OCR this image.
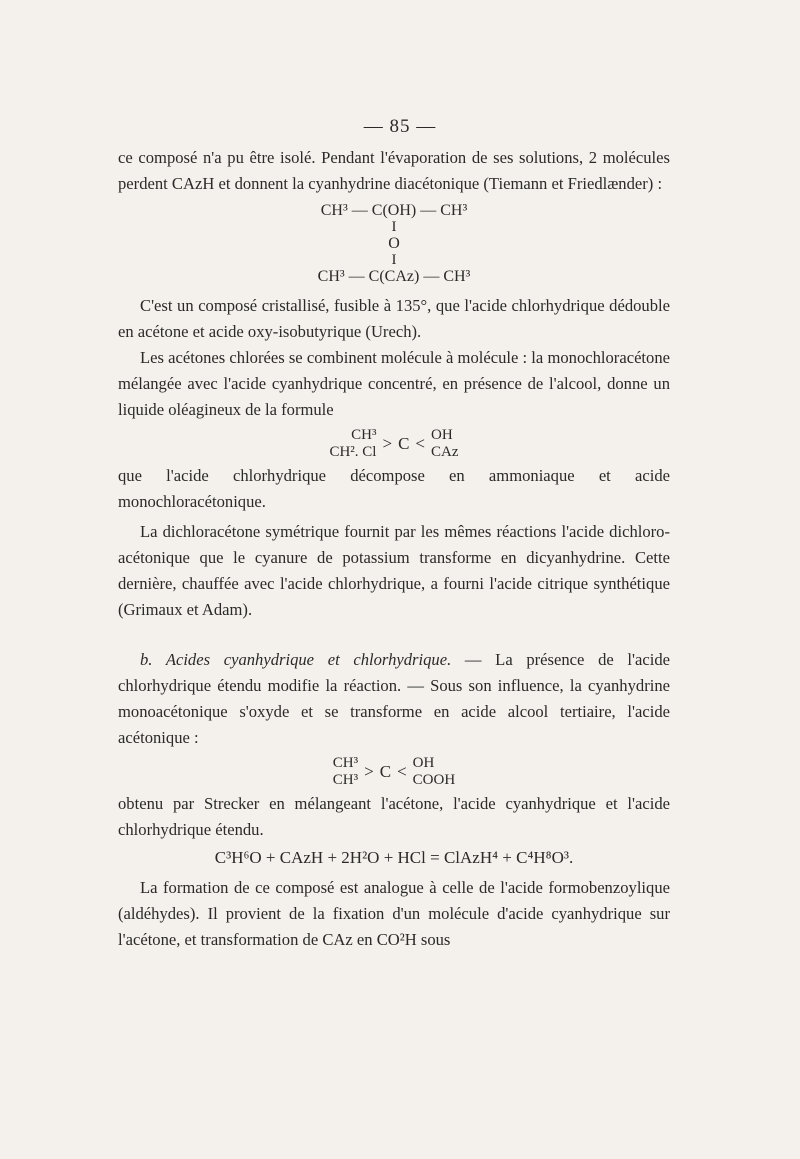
— 85 —

ce composé n'a pu être isolé. Pendant l'évaporation de ses solutions, 2 molécules perdent CAzH et donnent la cyanhydrine diacétonique (Tiemann et Friedlænder) :

CH³ — C(OH) — CH³
I
O
I
CH³ — C(CAz) — CH³

C'est un composé cristallisé, fusible à 135°, que l'acide chlorhydrique dédouble en acétone et acide oxy-isobutyrique (Urech).

Les acétones chlorées se combinent molécule à molécule : la monochloracétone mélangée avec l'acide cyanhydrique concentré, en présence de l'alcool, donne un liquide oléagineux de la formule

CH³
CH². Cl > C < OH
CAz

que l'acide chlorhydrique décompose en ammoniaque et acide monochloracétonique.

La dichloracétone symétrique fournit par les mêmes réactions l'acide dichloro-acétonique que le cyanure de potassium transforme en dicyanhydrine. Cette dernière, chauffée avec l'acide chlorhydrique, a fourni l'acide citrique synthétique (Grimaux et Adam).

b. Acides cyanhydrique et chlorhydrique. — La présence de l'acide chlorhydrique étendu modifie la réaction. — Sous son influence, la cyanhydrine monoacétonique s'oxyde et se transforme en acide alcool tertiaire, l'acide acétonique :

CH³
CH³ > C < OH
COOH

obtenu par Strecker en mélangeant l'acétone, l'acide cyanhydrique et l'acide chlorhydrique étendu.

C³H⁶O + CAzH + 2H²O + HCl = ClAzH⁴ + C⁴H⁸O³.

La formation de ce composé est analogue à celle de l'acide formobenzoylique (aldéhydes). Il provient de la fixation d'un molécule d'acide cyanhydrique sur l'acétone, et transformation de CAz en CO²H sous
